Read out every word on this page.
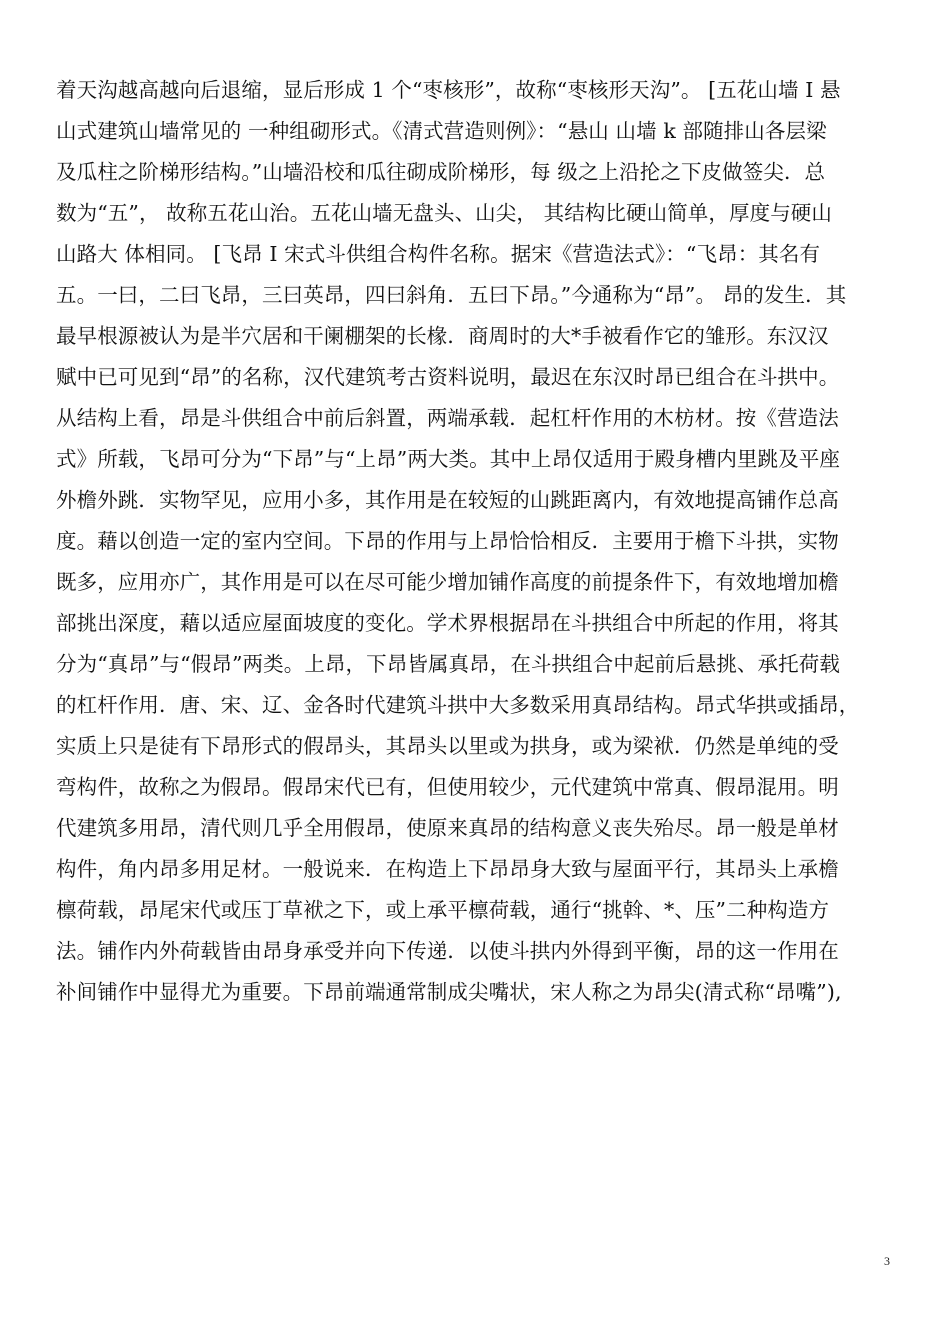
着天沟越高越向后退缩，显后形成 1 个“枣核形”，故称“枣核形天沟”。 [五花山墙 I 悬
山式建筑山墙常见的 一种组砌形式。《清式营造则例》：“悬山 山墙 k 部随排山各层梁
及瓜柱之阶梯形结构。”山墙沿校和瓜往砌成阶梯形，每 级之上沿抡之下皮做签尖．总
数为“五”， 故称五花山治。五花山墙无盘头、山尖， 其结构比硬山简单，厚度与硬山
山路大 体相同。 [飞昂 I 宋式斗供组合构件名称。据宋《营造法式》：“飞昂：其名有
五。一曰，二曰飞昂，三曰英昂，四曰斜角．五曰下昂。”今通称为“昂”。 昂的发生．其
最早根源被认为是半穴居和干阑棚架的长椽．商周时的大*手被看作它的雏形。东汉汉
赋中已可见到“昂”的名称，汉代建筑考古资料说明，最迟在东汉时昂已组合在斗拱中。
从结构上看，昂是斗供组合中前后斜置，两端承载．起杠杆作用的木枋材。按《营造法
式》所载，飞昂可分为“下昂”与“上昂”两大类。其中上昂仅适用于殿身槽内里跳及平座
外檐外跳．实物罕见，应用小多，其作用是在较短的山跳距离内，有效地提高铺作总高
度。藉以创造一定的室内空间。下昂的作用与上昂恰恰相反．主要用于檐下斗拱，实物
既多，应用亦广，其作用是可以在尽可能少增加铺作高度的前提条件下，有效地增加檐
部挑出深度，藉以适应屋面坡度的变化。学术界根据昂在斗拱组合中所起的作用，将其
分为“真昂”与“假昂”两类。上昂，下昂皆属真昂，在斗拱组合中起前后悬挑、承托荷载
的杠杆作用．唐、宋、辽、金各时代建筑斗拱中大多数采用真昂结构。昂式华拱或插昂，
实质上只是徒有下昂形式的假昂头，其昂头以里或为拱身，或为梁袱．仍然是单纯的受
弯构件，故称之为假昂。假昂宋代已有，但使用较少，元代建筑中常真、假昂混用。明
代建筑多用昂，清代则几乎全用假昂，使原来真昂的结构意义丧失殆尽。昂一般是单材
构件，角内昂多用足材。一般说来．在构造上下昂昂身大致与屋面平行，其昂头上承檐
檩荷载，昂尾宋代或压丁草袱之下，或上承平檩荷载，通行“挑斡、*、压”二种构造方
法。铺作内外荷载皆由昂身承受并向下传递．以使斗拱内外得到平衡，昂的这一作用在
补间铺作中显得尤为重要。下昂前端通常制成尖嘴状，宋人称之为昂尖(清式称“昂嘴”),
3
